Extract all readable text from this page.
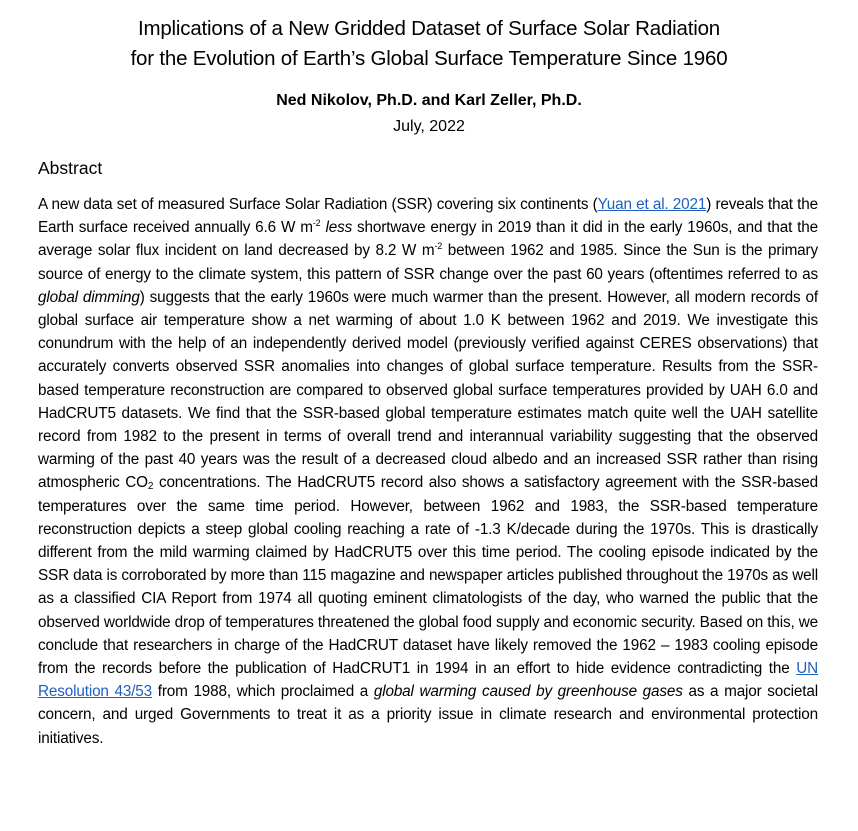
Implications of a New Gridded Dataset of Surface Solar Radiation
for the Evolution of Earth’s Global Surface Temperature Since 1960
Ned Nikolov, Ph.D. and Karl Zeller, Ph.D.
July, 2022
Abstract

A new data set of measured Surface Solar Radiation (SSR) covering six continents (Yuan et al. 2021) reveals that the Earth surface received annually 6.6 W $m^{-2}$ less shortwave energy in 2019 than it did in the early 1960s, and that the average solar flux incident on land decreased by 8.2 W $m^{-2}$ between 1962 and 1985. Since the Sun is the primary source of energy to the climate system, this pattern of SSR change over the past 60 years (oftentimes referred to as global dimming) suggests that the early 1960s were much warmer than the present. However, all modern records of global surface air temperature show a net warming of about 1.0 K between 1962 and 2019. We investigate this conundrum with the help of an independently derived model (previously verified against CERES observations) that accurately converts observed SSR anomalies into changes of global surface temperature. Results from the SSR-based temperature reconstruction are compared to observed global surface temperatures provided by UAH 6.0 and HadCRUT5 datasets. We find that the SSR-based global temperature estimates match quite well the UAH satellite record from 1982 to the present in terms of overall trend and interannual variability suggesting that the observed warming of the past 40 years was the result of a decreased cloud albedo and an increased SSR rather than rising atmospheric $CO_2$ concentrations. The HadCRUT5 record also shows a satisfactory agreement with the SSR-based temperatures over the same time period. However, between 1962 and 1983, the SSR-based temperature reconstruction depicts a steep global cooling reaching a rate of -1.3 K/decade during the 1970s. This is drastically different from the mild warming claimed by HadCRUT5 over this time period. The cooling episode indicated by the SSR data is corroborated by more than 115 magazine and newspaper articles published throughout the 1970s as well as a classified CIA Report from 1974 all quoting eminent climatologists of the day, who warned the public that the observed worldwide drop of temperatures threatened the global food supply and economic security. Based on this, we conclude that researchers in charge of the HadCRUT dataset have likely removed the 1962 – 1983 cooling episode from the records before the publication of HadCRUT1 in 1994 in an effort to hide evidence contradicting the UN Resolution 43/53 from 1988, which proclaimed a global warming caused by greenhouse gases as a major societal concern, and urged Governments to treat it as a priority issue in climate research and environmental protection initiatives.
